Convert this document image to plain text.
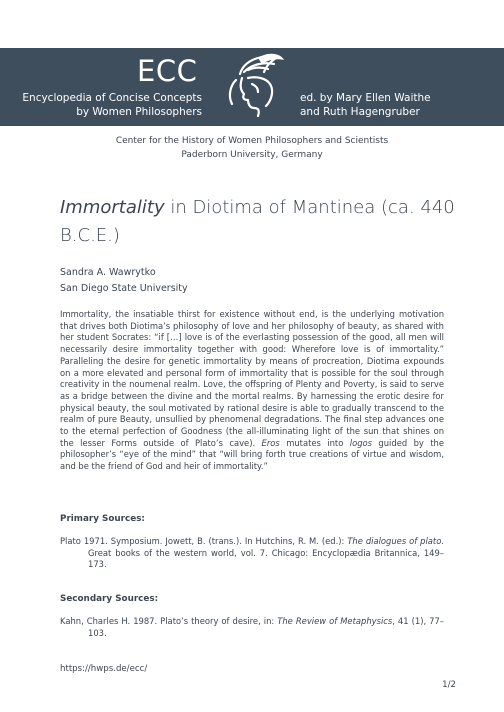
ECC
Encyclopedia of Concise Concepts
by Women Philosophers
ed. by Mary Ellen Waithe
and Ruth Hagengruber
Center for the History of Women Philosophers and Scientists
Paderborn University, Germany
Immortality in Diotima of Mantinea (ca. 440 B.C.E.)
Sandra A. Wawrytko
San Diego State University

Immortality, the insatiable thirst for existence without end, is the underlying motivation that drives both Diotima’s philosophy of love and her philosophy of beauty, as shared with her student Socrates: “if […] love is of the everlasting possession of the good, all men will necessarily desire immortality together with good: Wherefore love is of immortality.” Paralleling the desire for genetic immortality by means of procreation, Diotima expounds on a more elevated and personal form of immortality that is possible for the soul through creativity in the noumenal realm. Love, the offspring of Plenty and Poverty, is said to serve as a bridge between the divine and the mortal realms. By harnessing the erotic desire for physical beauty, the soul motivated by rational desire is able to gradually transcend to the realm of pure Beauty, unsullied by phenomenal degradations. The final step advances one to the eternal perfection of Goodness (the all-illuminating light of the sun that shines on the lesser Forms outside of Plato’s cave). Eros mutates into logos guided by the philosopher’s “eye of the mind” that “will bring forth true creations of virtue and wisdom, and be the friend of God and heir of immortality.”

Primary Sources:

Plato 1971. Symposium. Jowett, B. (trans.). In Hutchins, R. M. (ed.): The dialogues of plato. Great books of the western world, vol. 7. Chicago: Encyclopædia Britannica, 149–173.

Secondary Sources:

Kahn, Charles H. 1987. Plato’s theory of desire, in: The Review of Metaphysics, 41 (1), 77–103.

https://hwps.de/ecc/
1/2
